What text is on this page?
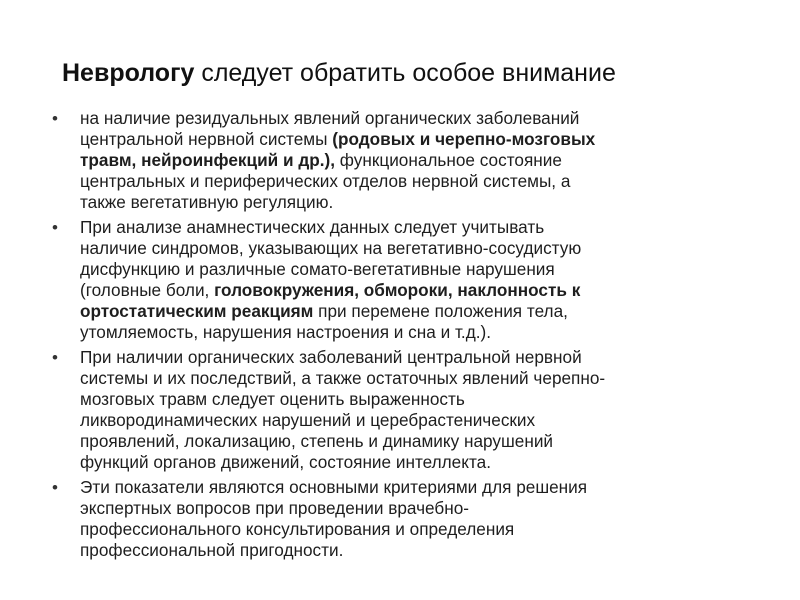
Неврологу следует обратить особое внимание
• на наличие резидуальных явлений органических заболеваний
центральной нервной системы (родовых и черепно-мозговых
травм, нейроинфекций и др.), функциональное состояние
центральных и периферических отделов нервной системы, а
также вегетативную регуляцию.
• При анализе анамнестических данных следует учитывать
наличие синдромов, указывающих на вегетативно-сосудистую
дисфункцию и различные сомато-вегетативные нарушения
(головные боли, головокружения, обмороки, наклонность к
ортостатическим реакциям при перемене положения тела,
утомляемость, нарушения настроения и сна и т.д.).
• При наличии органических заболеваний центральной нервной
системы и их последствий, а также остаточных явлений черепно-
мозговых травм следует оценить выраженность
ликвородинамических нарушений и церебрастенических
проявлений, локализацию, степень и динамику нарушений
функций органов движений, состояние интеллекта.
• Эти показатели являются основными критериями для решения
экспертных вопросов при проведении врачебно-
профессионального консультирования и определения
профессиональной пригодности.
